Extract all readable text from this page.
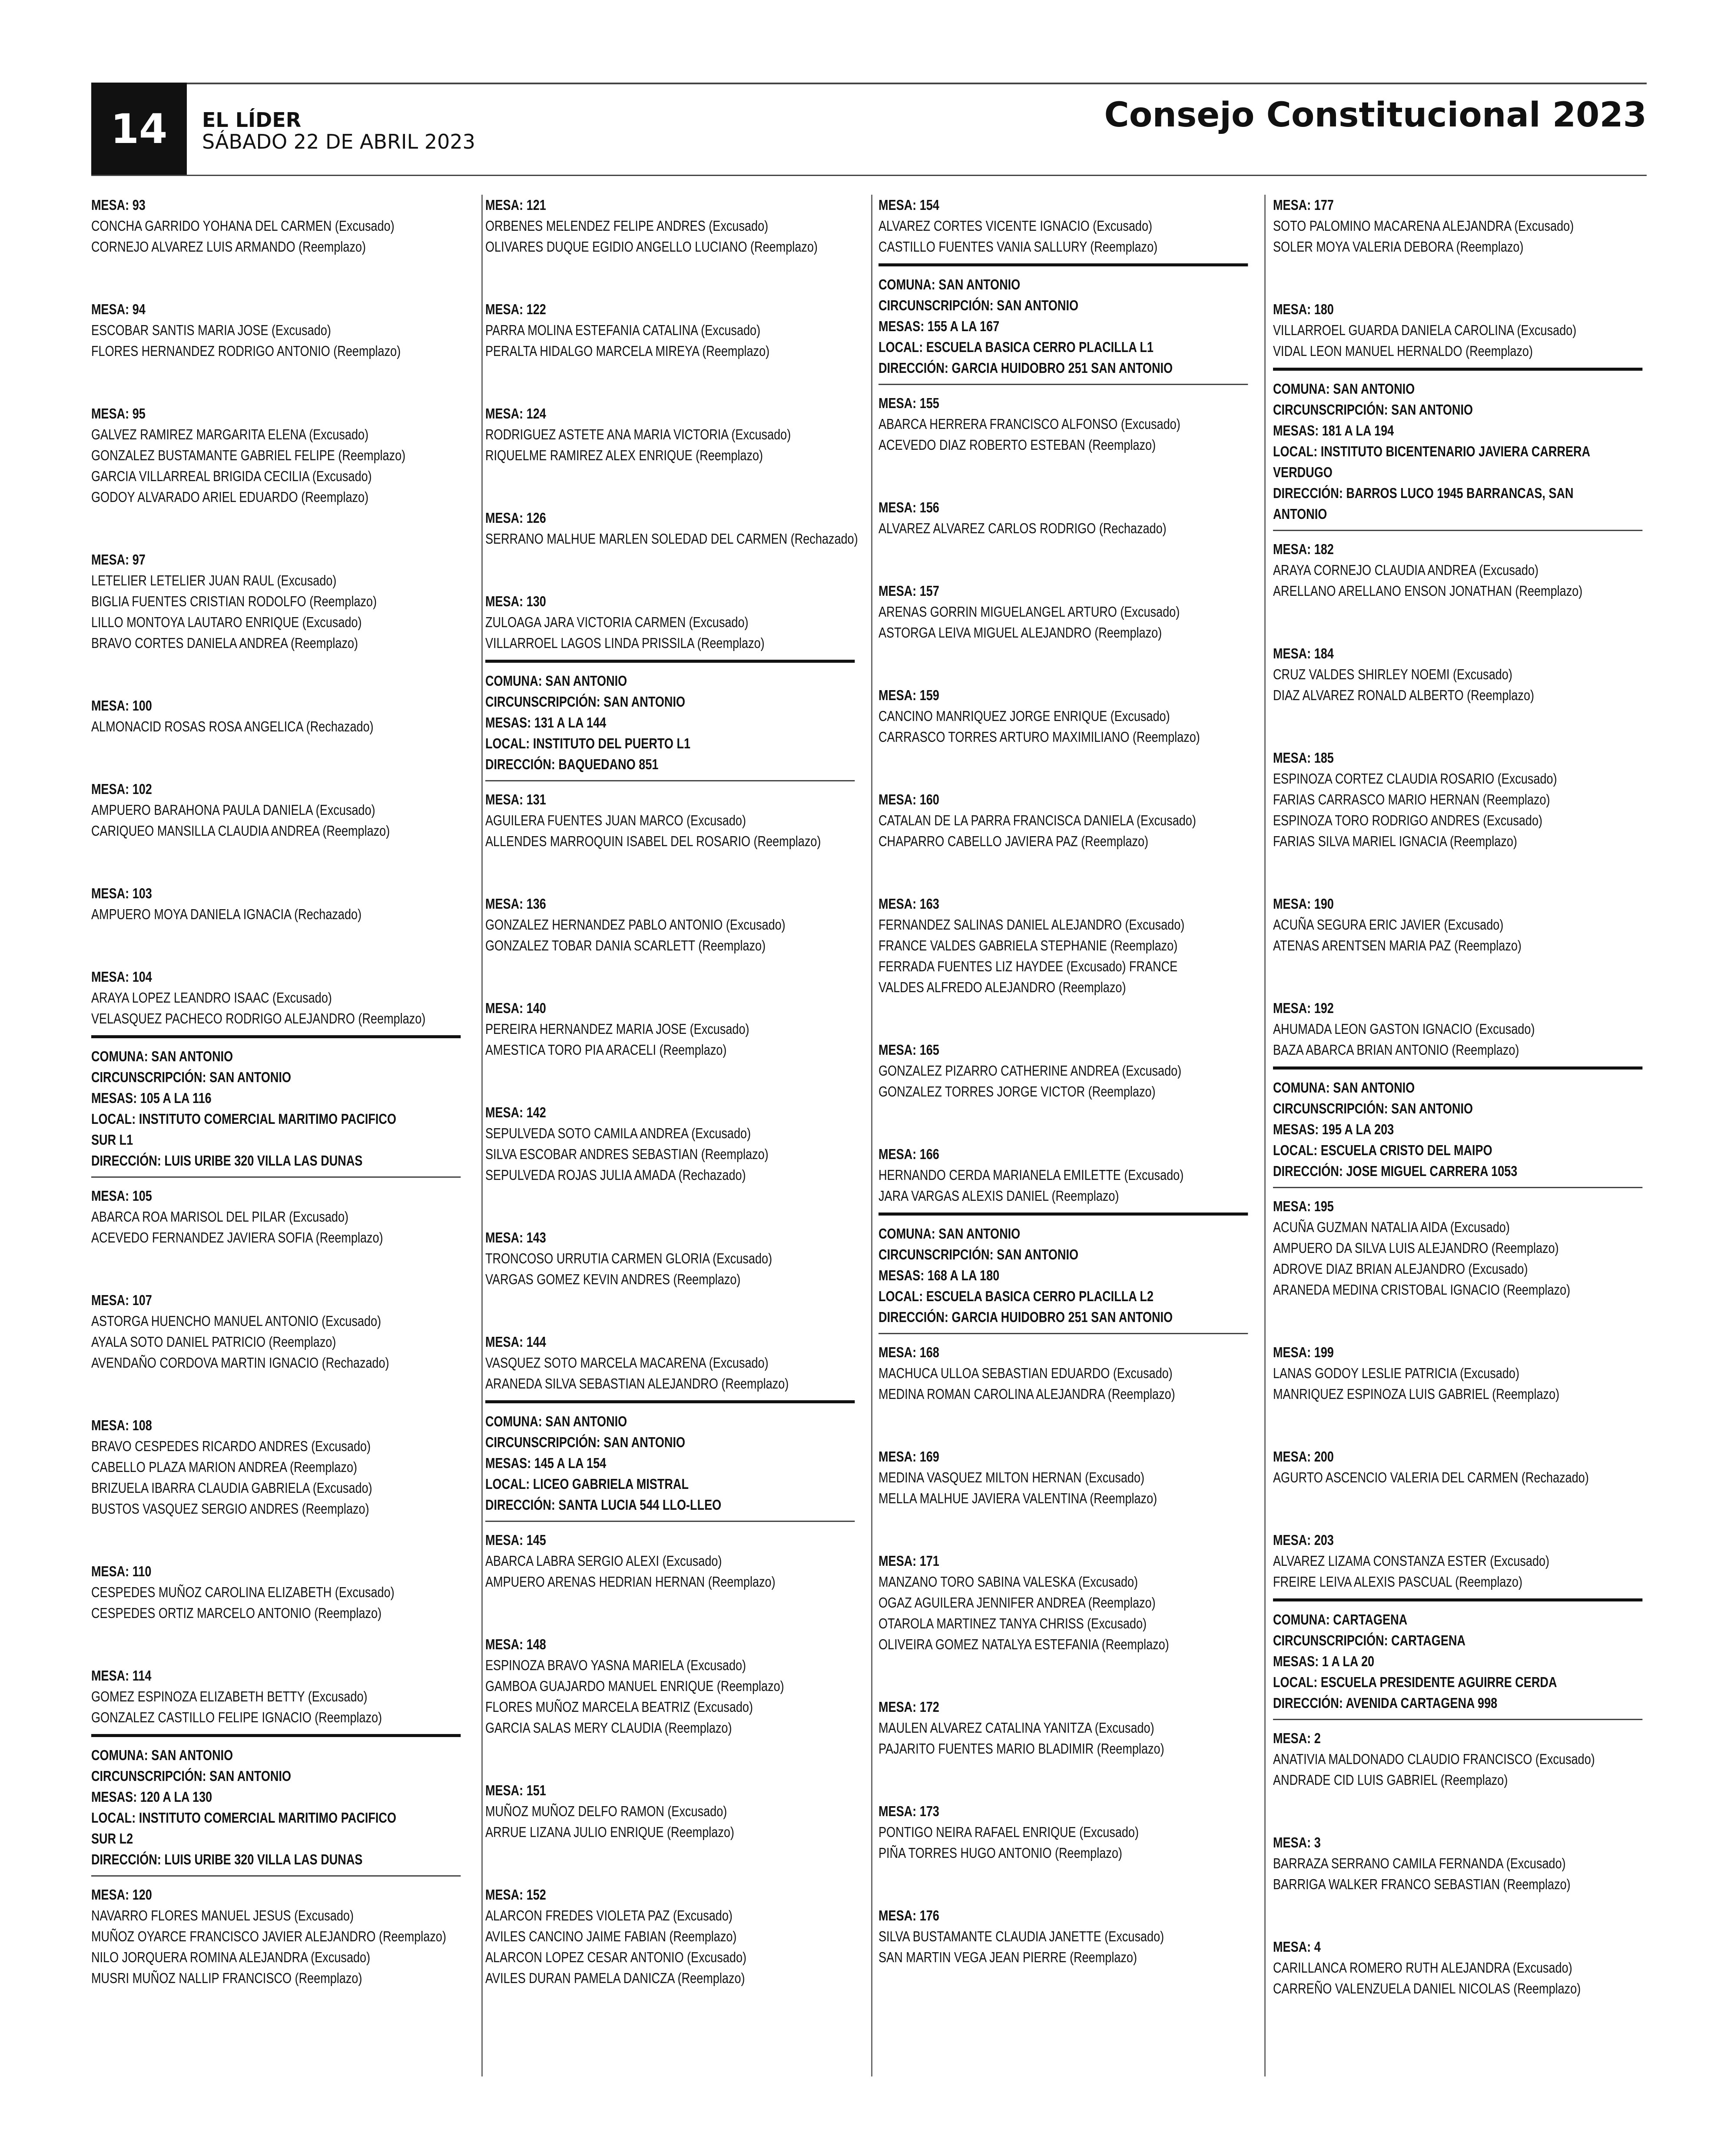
14	EL LÍDER
SÁBADO 22 DE ABRIL 2023
Consejo Constitucional 2023
MESA: 93
CONCHA GARRIDO YOHANA DEL CARMEN (Excusado)
CORNEJO ALVAREZ LUIS ARMANDO (Reemplazo)
MESA: 94
ESCOBAR SANTIS MARIA JOSE (Excusado)
FLORES HERNANDEZ RODRIGO ANTONIO (Reemplazo)
MESA: 95
GALVEZ RAMIREZ MARGARITA ELENA (Excusado)
GONZALEZ BUSTAMANTE GABRIEL FELIPE (Reemplazo)
GARCIA VILLARREAL BRIGIDA CECILIA (Excusado)
GODOY ALVARADO ARIEL EDUARDO (Reemplazo)
MESA: 97
LETELIER LETELIER JUAN RAUL (Excusado)
BIGLIA FUENTES CRISTIAN RODOLFO (Reemplazo)
LILLO MONTOYA LAUTARO ENRIQUE (Excusado)
BRAVO CORTES DANIELA ANDREA (Reemplazo)
MESA: 100
ALMONACID ROSAS ROSA ANGELICA (Rechazado)
MESA: 102
AMPUERO BARAHONA PAULA DANIELA (Excusado)
CARIQUEO MANSILLA CLAUDIA ANDREA (Reemplazo)
MESA: 103
AMPUERO MOYA DANIELA IGNACIA (Rechazado)
MESA: 104
ARAYA LOPEZ LEANDRO ISAAC (Excusado)
VELASQUEZ PACHECO RODRIGO ALEJANDRO (Reemplazo)
COMUNA: SAN ANTONIO
CIRCUNSCRIPCIÓN: SAN ANTONIO
MESAS: 105 A LA 116
LOCAL: INSTITUTO COMERCIAL MARITIMO PACIFICO
SUR L1
DIRECCIÓN: LUIS URIBE 320 VILLA LAS DUNAS
MESA: 105
ABARCA ROA MARISOL DEL PILAR (Excusado)
ACEVEDO FERNANDEZ JAVIERA SOFIA (Reemplazo)
MESA: 107
ASTORGA HUENCHO MANUEL ANTONIO (Excusado)
AYALA SOTO DANIEL PATRICIO (Reemplazo)
AVENDAÑO CORDOVA MARTIN IGNACIO (Rechazado)
MESA: 108
BRAVO CESPEDES RICARDO ANDRES (Excusado)
CABELLO PLAZA MARION ANDREA (Reemplazo)
BRIZUELA IBARRA CLAUDIA GABRIELA (Excusado)
BUSTOS VASQUEZ SERGIO ANDRES (Reemplazo)
MESA: 110
CESPEDES MUÑOZ CAROLINA ELIZABETH (Excusado)
CESPEDES ORTIZ MARCELO ANTONIO (Reemplazo)
MESA: 114
GOMEZ ESPINOZA ELIZABETH BETTY (Excusado)
GONZALEZ CASTILLO FELIPE IGNACIO (Reemplazo)
COMUNA: SAN ANTONIO
CIRCUNSCRIPCIÓN: SAN ANTONIO
MESAS: 120 A LA 130
LOCAL: INSTITUTO COMERCIAL MARITIMO PACIFICO
SUR L2
DIRECCIÓN: LUIS URIBE 320 VILLA LAS DUNAS
MESA: 120
NAVARRO FLORES MANUEL JESUS (Excusado)
MUÑOZ OYARCE FRANCISCO JAVIER ALEJANDRO (Reemplazo)
NILO JORQUERA ROMINA ALEJANDRA (Excusado)
MUSRI MUÑOZ NALLIP FRANCISCO (Reemplazo)
MESA: 121
ORBENES MELENDEZ FELIPE ANDRES (Excusado)
OLIVARES DUQUE EGIDIO ANGELLO LUCIANO (Reemplazo)
MESA: 122
PARRA MOLINA ESTEFANIA CATALINA (Excusado)
PERALTA HIDALGO MARCELA MIREYA (Reemplazo)
MESA: 124
RODRIGUEZ ASTETE ANA MARIA VICTORIA (Excusado)
RIQUELME RAMIREZ ALEX ENRIQUE (Reemplazo)
MESA: 126
SERRANO MALHUE MARLEN SOLEDAD DEL CARMEN (Rechazado)
MESA: 130
ZULOAGA JARA VICTORIA CARMEN (Excusado)
VILLARROEL LAGOS LINDA PRISSILA (Reemplazo)
COMUNA: SAN ANTONIO
CIRCUNSCRIPCIÓN: SAN ANTONIO
MESAS: 131 A LA 144
LOCAL: INSTITUTO DEL PUERTO L1
DIRECCIÓN: BAQUEDANO 851
MESA: 131
AGUILERA FUENTES JUAN MARCO (Excusado)
ALLENDES MARROQUIN ISABEL DEL ROSARIO (Reemplazo)
MESA: 136
GONZALEZ HERNANDEZ PABLO ANTONIO (Excusado)
GONZALEZ TOBAR DANIA SCARLETT (Reemplazo)
MESA: 140
PEREIRA HERNANDEZ MARIA JOSE (Excusado)
AMESTICA TORO PIA ARACELI (Reemplazo)
MESA: 142
SEPULVEDA SOTO CAMILA ANDREA (Excusado)
SILVA ESCOBAR ANDRES SEBASTIAN (Reemplazo)
SEPULVEDA ROJAS JULIA AMADA (Rechazado)
MESA: 143
TRONCOSO URRUTIA CARMEN GLORIA (Excusado)
VARGAS GOMEZ KEVIN ANDRES (Reemplazo)
MESA: 144
VASQUEZ SOTO MARCELA MACARENA (Excusado)
ARANEDA SILVA SEBASTIAN ALEJANDRO (Reemplazo)
COMUNA: SAN ANTONIO
CIRCUNSCRIPCIÓN: SAN ANTONIO
MESAS: 145 A LA 154
LOCAL: LICEO GABRIELA MISTRAL
DIRECCIÓN: SANTA LUCIA 544 LLO-LLEO
MESA: 145
ABARCA LABRA SERGIO ALEXI (Excusado)
AMPUERO ARENAS HEDRIAN HERNAN (Reemplazo)
MESA: 148
ESPINOZA BRAVO YASNA MARIELA (Excusado)
GAMBOA GUAJARDO MANUEL ENRIQUE (Reemplazo)
FLORES MUÑOZ MARCELA BEATRIZ (Excusado)
GARCIA SALAS MERY CLAUDIA (Reemplazo)
MESA: 151
MUÑOZ MUÑOZ DELFO RAMON (Excusado)
ARRUE LIZANA JULIO ENRIQUE (Reemplazo)
MESA: 152
ALARCON FREDES VIOLETA PAZ (Excusado)
AVILES CANCINO JAIME FABIAN (Reemplazo)
ALARCON LOPEZ CESAR ANTONIO (Excusado)
AVILES DURAN PAMELA DANICZA (Reemplazo)
MESA: 154
ALVAREZ CORTES VICENTE IGNACIO (Excusado)
CASTILLO FUENTES VANIA SALLURY (Reemplazo)
COMUNA: SAN ANTONIO
CIRCUNSCRIPCIÓN: SAN ANTONIO
MESAS: 155 A LA 167
LOCAL: ESCUELA BASICA CERRO PLACILLA L1
DIRECCIÓN: GARCIA HUIDOBRO 251 SAN ANTONIO
MESA: 155
ABARCA HERRERA FRANCISCO ALFONSO (Excusado)
ACEVEDO DIAZ ROBERTO ESTEBAN (Reemplazo)
MESA: 156
ALVAREZ ALVAREZ CARLOS RODRIGO (Rechazado)
MESA: 157
ARENAS GORRIN MIGUELANGEL ARTURO (Excusado)
ASTORGA LEIVA MIGUEL ALEJANDRO (Reemplazo)
MESA: 159
CANCINO MANRIQUEZ JORGE ENRIQUE (Excusado)
CARRASCO TORRES ARTURO MAXIMILIANO (Reemplazo)
MESA: 160
CATALAN DE LA PARRA FRANCISCA DANIELA (Excusado)
CHAPARRO CABELLO JAVIERA PAZ (Reemplazo)
MESA: 163
FERNANDEZ SALINAS DANIEL ALEJANDRO (Excusado)
FRANCE VALDES GABRIELA STEPHANIE (Reemplazo)
FERRADA FUENTES LIZ HAYDEE (Excusado) FRANCE
VALDES ALFREDO ALEJANDRO (Reemplazo)
MESA: 165
GONZALEZ PIZARRO CATHERINE ANDREA (Excusado)
GONZALEZ TORRES JORGE VICTOR (Reemplazo)
MESA: 166
HERNANDO CERDA MARIANELA EMILETTE (Excusado)
JARA VARGAS ALEXIS DANIEL (Reemplazo)
COMUNA: SAN ANTONIO
CIRCUNSCRIPCIÓN: SAN ANTONIO
MESAS: 168 A LA 180
LOCAL: ESCUELA BASICA CERRO PLACILLA L2
DIRECCIÓN: GARCIA HUIDOBRO 251 SAN ANTONIO
MESA: 168
MACHUCA ULLOA SEBASTIAN EDUARDO (Excusado)
MEDINA ROMAN CAROLINA ALEJANDRA (Reemplazo)
MESA: 169
MEDINA VASQUEZ MILTON HERNAN (Excusado)
MELLA MALHUE JAVIERA VALENTINA (Reemplazo)
MESA: 171
MANZANO TORO SABINA VALESKA (Excusado)
OGAZ AGUILERA JENNIFER ANDREA (Reemplazo)
OTAROLA MARTINEZ TANYA CHRISS (Excusado)
OLIVEIRA GOMEZ NATALYA ESTEFANIA (Reemplazo)
MESA: 172
MAULEN ALVAREZ CATALINA YANITZA (Excusado)
PAJARITO FUENTES MARIO BLADIMIR (Reemplazo)
MESA: 173
PONTIGO NEIRA RAFAEL ENRIQUE (Excusado)
PIÑA TORRES HUGO ANTONIO (Reemplazo)
MESA: 176
SILVA BUSTAMANTE CLAUDIA JANETTE (Excusado)
SAN MARTIN VEGA JEAN PIERRE (Reemplazo)
MESA: 177
SOTO PALOMINO MACARENA ALEJANDRA (Excusado)
SOLER MOYA VALERIA DEBORA (Reemplazo)
MESA: 180
VILLARROEL GUARDA DANIELA CAROLINA (Excusado)
VIDAL LEON MANUEL HERNALDO (Reemplazo)
COMUNA: SAN ANTONIO
CIRCUNSCRIPCIÓN: SAN ANTONIO
MESAS: 181 A LA 194
LOCAL: INSTITUTO BICENTENARIO JAVIERA CARRERA
VERDUGO
DIRECCIÓN: BARROS LUCO 1945 BARRANCAS, SAN
ANTONIO
MESA: 182
ARAYA CORNEJO CLAUDIA ANDREA (Excusado)
ARELLANO ARELLANO ENSON JONATHAN (Reemplazo)
MESA: 184
CRUZ VALDES SHIRLEY NOEMI (Excusado)
DIAZ ALVAREZ RONALD ALBERTO (Reemplazo)
MESA: 185
ESPINOZA CORTEZ CLAUDIA ROSARIO (Excusado)
FARIAS CARRASCO MARIO HERNAN (Reemplazo)
ESPINOZA TORO RODRIGO ANDRES (Excusado)
FARIAS SILVA MARIEL IGNACIA (Reemplazo)
MESA: 190
ACUÑA SEGURA ERIC JAVIER (Excusado)
ATENAS ARENTSEN MARIA PAZ (Reemplazo)
MESA: 192
AHUMADA LEON GASTON IGNACIO (Excusado)
BAZA ABARCA BRIAN ANTONIO (Reemplazo)
COMUNA: SAN ANTONIO
CIRCUNSCRIPCIÓN: SAN ANTONIO
MESAS: 195 A LA 203
LOCAL: ESCUELA CRISTO DEL MAIPO
DIRECCIÓN: JOSE MIGUEL CARRERA 1053
MESA: 195
ACUÑA GUZMAN NATALIA AIDA (Excusado)
AMPUERO DA SILVA LUIS ALEJANDRO (Reemplazo)
ADROVE DIAZ BRIAN ALEJANDRO (Excusado)
ARANEDA MEDINA CRISTOBAL IGNACIO (Reemplazo)
MESA: 199
LANAS GODOY LESLIE PATRICIA (Excusado)
MANRIQUEZ ESPINOZA LUIS GABRIEL (Reemplazo)
MESA: 200
AGURTO ASCENCIO VALERIA DEL CARMEN (Rechazado)
MESA: 203
ALVAREZ LIZAMA CONSTANZA ESTER (Excusado)
FREIRE LEIVA ALEXIS PASCUAL (Reemplazo)
COMUNA: CARTAGENA
CIRCUNSCRIPCIÓN: CARTAGENA
MESAS: 1 A LA 20
LOCAL: ESCUELA PRESIDENTE AGUIRRE CERDA
DIRECCIÓN: AVENIDA CARTAGENA 998
MESA: 2
ANATIVIA MALDONADO CLAUDIO FRANCISCO (Excusado)
ANDRADE CID LUIS GABRIEL (Reemplazo)
MESA: 3
BARRAZA SERRANO CAMILA FERNANDA (Excusado)
BARRIGA WALKER FRANCO SEBASTIAN (Reemplazo)
MESA: 4
CARILLANCA ROMERO RUTH ALEJANDRA (Excusado)
CARREÑO VALENZUELA DANIEL NICOLAS (Reemplazo)
